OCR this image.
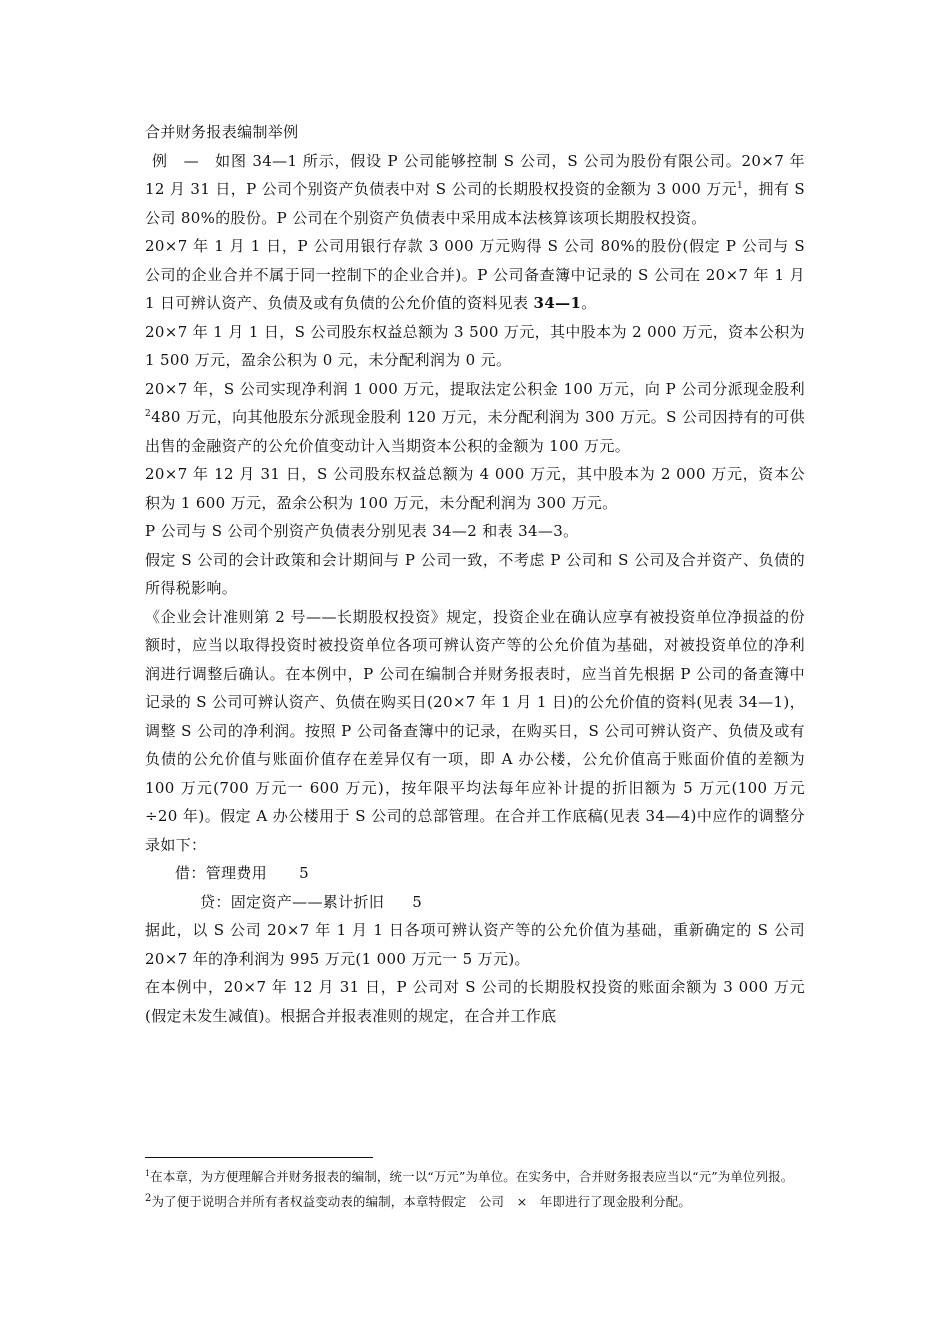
合并财务报表编制举例

例　—　如图 34—1 所示，假设 P 公司能够控制 S 公司，S 公司为股份有限公司。20×7 年 12 月 31 日，P 公司个别资产负债表中对 S 公司的长期股权投资的金额为 3 000 万元$^1$，拥有 S 公司 80%的股份。P 公司在个别资产负债表中采用成本法核算该项长期股权投资。

20×7 年 1 月 1 日，P 公司用银行存款 3 000 万元购得 S 公司 80%的股份(假定 P 公司与 S 公司的企业合并不属于同一控制下的企业合并)。P 公司备查簿中记录的 S 公司在 20×7 年 1 月 1 日可辨认资产、负债及或有负债的公允价值的资料见表 34—1。

20×7 年 1 月 1 日，S 公司股东权益总额为 3 500 万元，其中股本为 2 000 万元，资本公积为 1 500 万元，盈余公积为 0 元，未分配利润为 0 元。

20×7 年，S 公司实现净利润 1 000 万元，提取法定公积金 100 万元，向 P 公司分派现金股利$^2$480 万元，向其他股东分派现金股利 120 万元，未分配利润为 300 万元。S 公司因持有的可供出售的金融资产的公允价值变动计入当期资本公积的金额为 100 万元。

20×7 年 12 月 31 日，S 公司股东权益总额为 4 000 万元，其中股本为 2 000 万元，资本公积为 1 600 万元，盈余公积为 100 万元，未分配利润为 300 万元。

P 公司与 S 公司个别资产负债表分别见表 34—2 和表 34—3。

假定 S 公司的会计政策和会计期间与 P 公司一致，不考虑 P 公司和 S 公司及合并资产、负债的所得税影响。

《企业会计准则第 2 号——长期股权投资》规定，投资企业在确认应享有被投资单位净损益的份额时，应当以取得投资时被投资单位各项可辨认资产等的公允价值为基础，对被投资单位的净利润进行调整后确认。在本例中，P 公司在编制合并财务报表时，应当首先根据 P 公司的备查簿中记录的 S 公司可辨认资产、负债在购买日(20×7 年 1 月 1 日)的公允价值的资料(见表 34—1)，调整 S 公司的净利润。按照 P 公司备查簿中的记录，在购买日，S 公司可辨认资产、负债及或有负债的公允价值与账面价值存在差异仅有一项，即 A 办公楼，公允价值高于账面价值的差额为 100 万元(700 万元一 600 万元)，按年限平均法每年应补计提的折旧额为 5 万元(100 万元÷20 年)。假定 A 办公楼用于 S 公司的总部管理。在合并工作底稿(见表 34—4)中应作的调整分录如下：

借：管理费用 5

贷：固定资产——累计折旧 5

据此，以 S 公司 20×7 年 1 月 1 日各项可辨认资产等的公允价值为基础，重新确定的 S 公司 20×7 年的净利润为 995 万元(1 000 万元一 5 万元)。

在本例中，20×7 年 12 月 31 日，P 公司对 S 公司的长期股权投资的账面余额为 3 000 万元(假定未发生减值)。根据合并报表准则的规定，在合并工作底

$^1$在本章，为方便理解合并财务报表的编制，统一以“万元”为单位。在实务中，合并财务报表应当以“元”为单位列报。

$^2$为了便于说明合并所有者权益变动表的编制，本章特假定　公司　×　年即进行了现金股利分配。
